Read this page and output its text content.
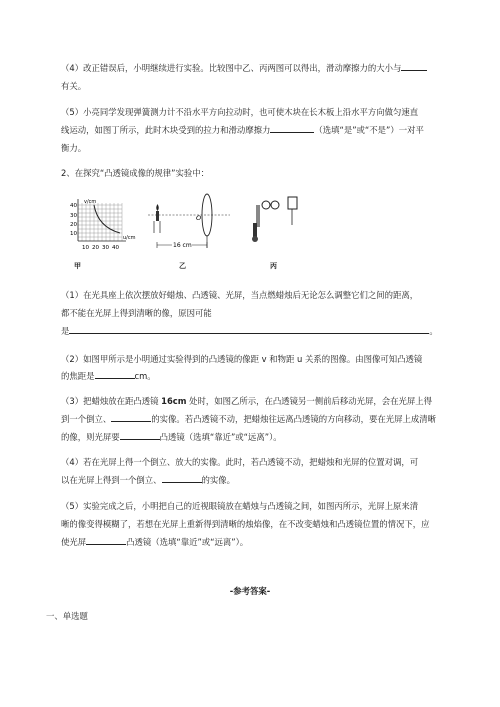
（4）改正错误后，小明继续进行实验。比较图中乙、丙两图可以得出，滑动摩擦力的大小与
有关。
（5）小亮同学发现弹簧测力计不沿水平方向拉动时，也可使木块在长木板上沿水平方向做匀速直
线运动，如图丁所示，此时木块受到的拉力和滑动摩擦力	（选填“是”或“不是”）一对平
衡力。
2、在探究“凸透镜成像的规律”实验中：
v/cm
u/cm
40
30
20
10
10 20 30 40
O
16 cm
甲	乙	丙
（1）在光具座上依次摆放好蜡烛、凸透镜、光屏，当点燃蜡烛后无论怎么调整它们之间的距离，
都不能在光屏上得到清晰的像，原因可能
是	。
（2）如图甲所示是小明通过实验得到的凸透镜的像距 v 和物距 u 关系的图像。由图像可知凸透镜
的焦距是	cm。
（3）把蜡烛放在距凸透镜 16cm 处时，如图乙所示，在凸透镜另一侧前后移动光屏，会在光屏上得
到一个倒立、	的实像。若凸透镜不动，把蜡烛往远离凸透镜的方向移动，要在光屏上成清晰
的像，则光屏要	凸透镜（选填“靠近”或“远离”）。
（4）若在光屏上得一个倒立、放大的实像。此时，若凸透镜不动，把蜡烛和光屏的位置对调，可
以在光屏上得到一个倒立、	的实像。
（5）实验完成之后，小明把自己的近视眼镜放在蜡烛与凸透镜之间，如图丙所示，光屏上原来清
晰的像变得模糊了，若想在光屏上重新得到清晰的烛焰像，在不改变蜡烛和凸透镜位置的情况下，应
使光屏	凸透镜（选填“靠近”或“远离”）。
-参考答案-
一、单选题
